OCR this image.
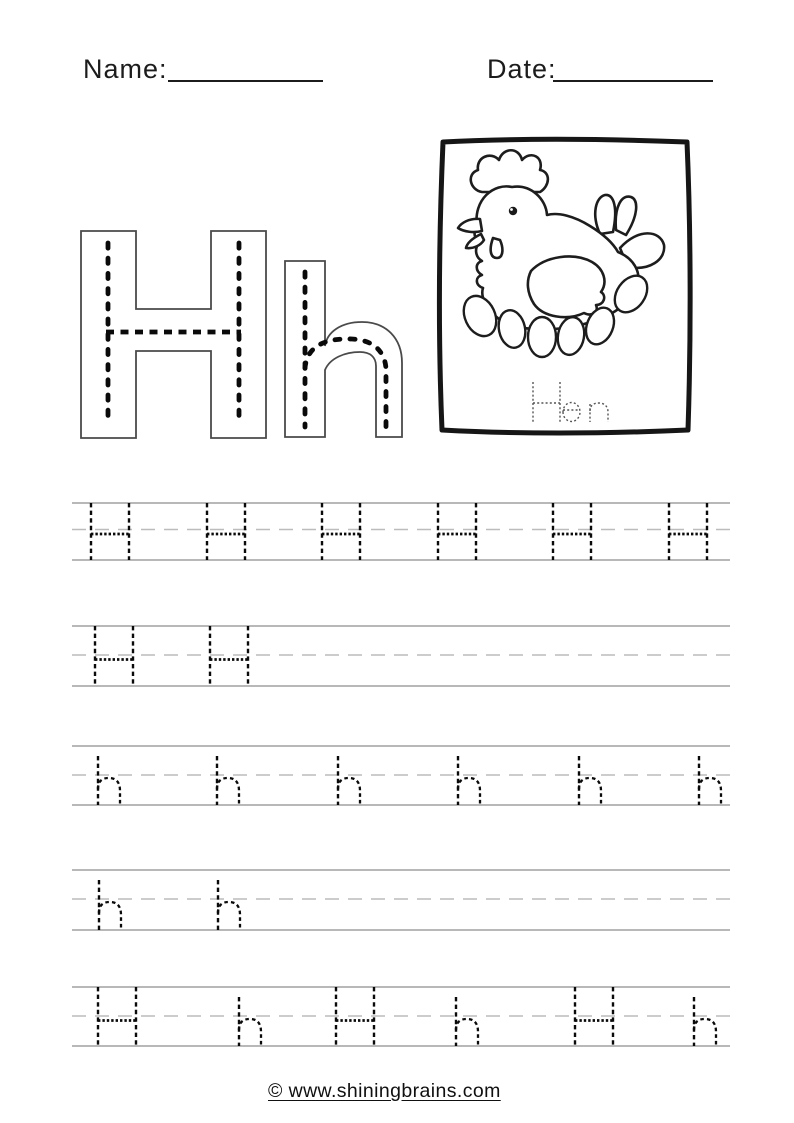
Name:	Date:
© www.shiningbrains.com
